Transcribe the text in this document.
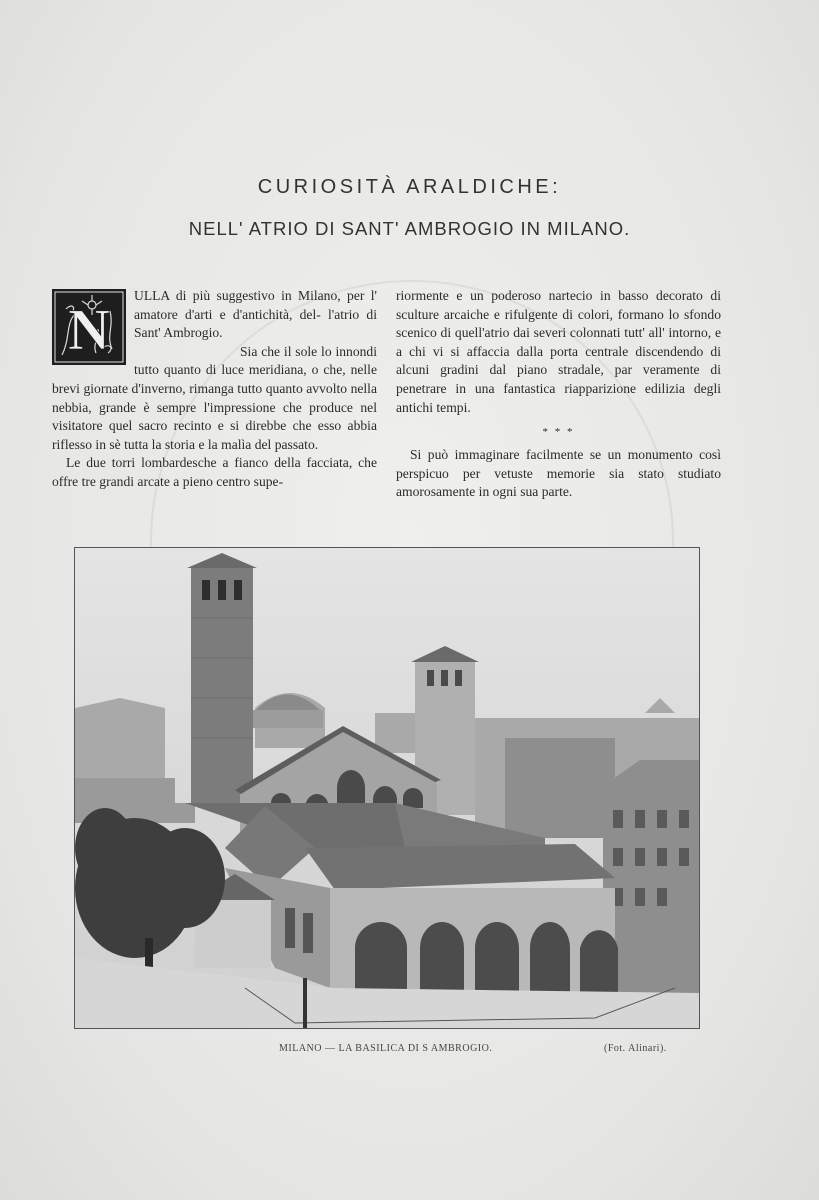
CURIOSITÀ ARALDICHE:
NELL' ATRIO DI SANT' AMBROGIO IN MILANO.
N

ULLA di più suggestivo in Milano, per l' amatore d'arti e d'antichità, del- l'atrio di Sant' Ambrogio.

Sia che il sole lo innondi tutto quanto di luce meridiana, o che, nelle brevi giornate d'inverno, rimanga tutto quanto avvolto nella nebbia, grande è sempre l'impressione che produce nel visitatore quel sacro recinto e si direbbe che esso abbia riflesso in sè tutta la storia e la malìa del passato.

Le due torri lombardesche a fianco della facciata, che offre tre grandi arcate a pieno centro supe-

riormente e un poderoso nartecio in basso decorato di sculture arcaiche e rifulgente di colori, formano lo sfondo scenico di quell'atrio dai severi colonnati tutt' all' intorno, e a chi vi si affaccia dalla porta centrale discendendo di alcuni gradini dal piano stradale, par veramente di penetrare in una fantastica riapparizione edilizia degli antichi tempi.

* * *

Si può immaginare facilmente se un monumento così perspicuo per vetuste memorie sia stato studiato amorosamente in ogni sua parte.

MILANO — LA BASILICA DI S AMBROGIO.	(Fot. Alinari).
